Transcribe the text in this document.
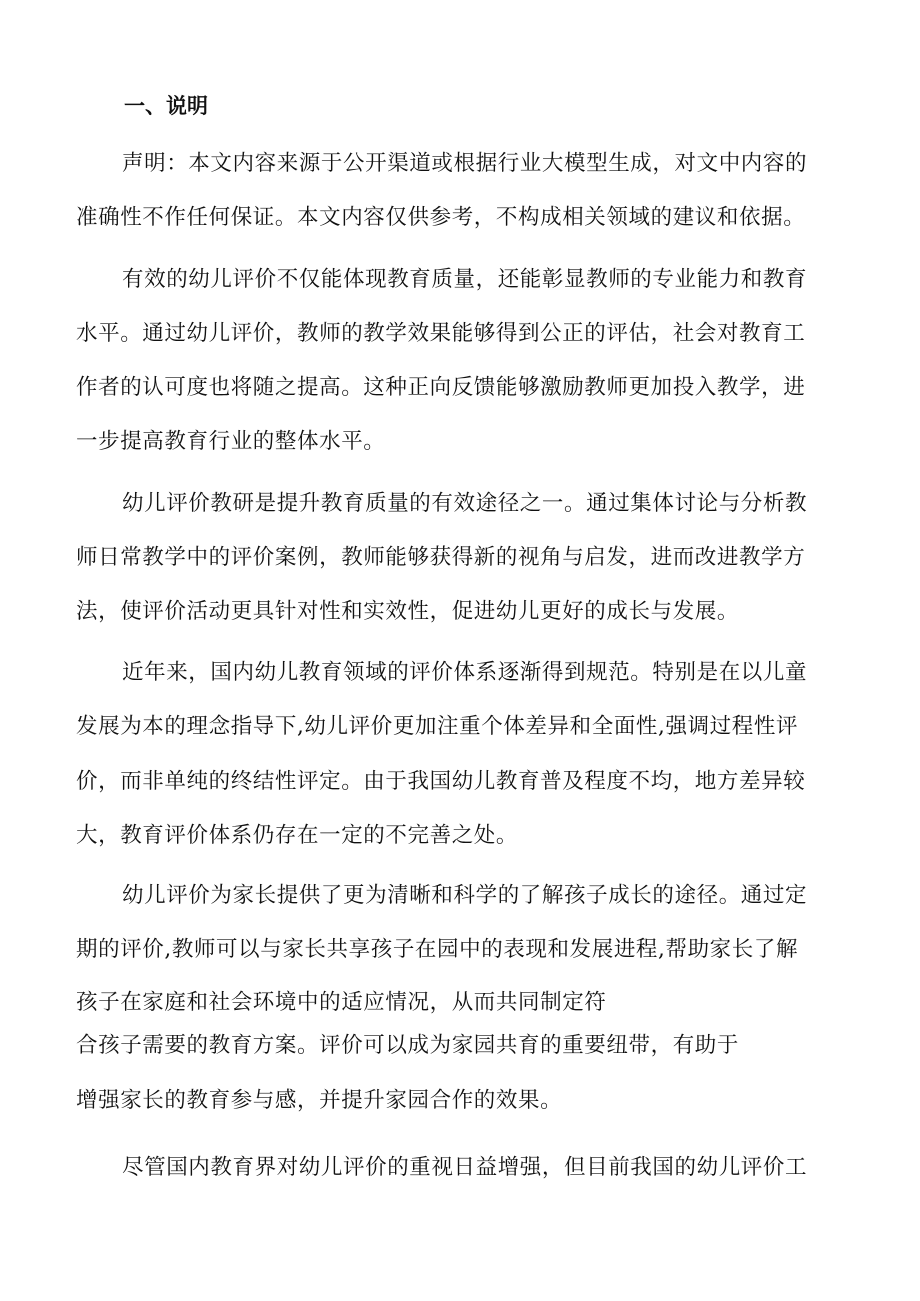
一、说明
声明：本文内容来源于公开渠道或根据行业大模型生成，对文中内容的
准确性不作任何保证。本文内容仅供参考，不构成相关领域的建议和依据。
有效的幼儿评价不仅能体现教育质量，还能彰显教师的专业能力和教育
水平。通过幼儿评价，教师的教学效果能够得到公正的评估，社会对教育工
作者的认可度也将随之提高。这种正向反馈能够激励教师更加投入教学，进
一步提高教育行业的整体水平。
幼儿评价教研是提升教育质量的有效途径之一。通过集体讨论与分析教
师日常教学中的评价案例，教师能够获得新的视角与启发，进而改进教学方
法，使评价活动更具针对性和实效性，促进幼儿更好的成长与发展。
近年来，国内幼儿教育领域的评价体系逐渐得到规范。特别是在以儿童
发展为本的理念指导下,幼儿评价更加注重个体差异和全面性,强调过程性评
价，而非单纯的终结性评定。由于我国幼儿教育普及程度不均，地方差异较
大，教育评价体系仍存在一定的不完善之处。
幼儿评价为家长提供了更为清晰和科学的了解孩子成长的途径。通过定
期的评价,教师可以与家长共享孩子在园中的表现和发展进程,帮助家长了解
孩子在家庭和社会环境中的适应情况，从而共同制定符
合孩子需要的教育方案。评价可以成为家园共育的重要纽带，有助于
增强家长的教育参与感，并提升家园合作的效果。
尽管国内教育界对幼儿评价的重视日益增强，但目前我国的幼儿评价工
